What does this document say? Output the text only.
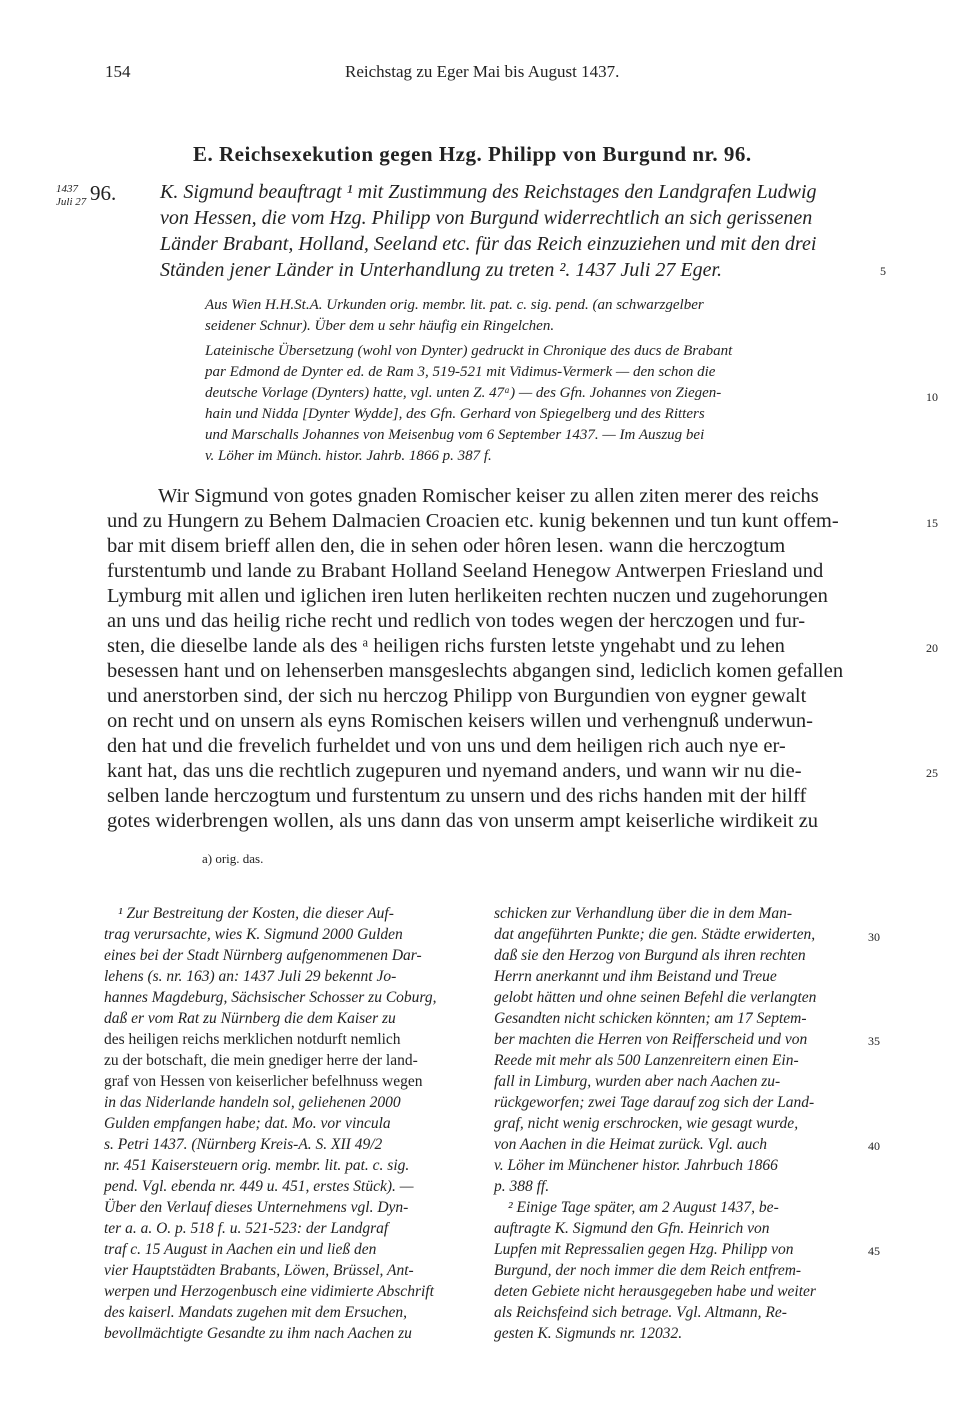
154	Reichstag zu Eger Mai bis August 1437.
E. Reichsexekution gegen Hzg. Philipp von Burgund nr. 96.
1437
Juli 27 96. K. Sigmund beauftragt ¹ mit Zustimmung des Reichstages den Landgrafen Ludwig
von Hessen, die vom Hzg. Philipp von Burgund widerrechtlich an sich gerissenen
Länder Brabant, Holland, Seeland etc. für das Reich einzuziehen und mit den drei
Ständen jener Länder in Unterhandlung zu treten ². 1437 Juli 27 Eger.
Aus Wien H.H.St.A. Urkunden orig. membr. lit. pat. c. sig. pend. (an schwarzgelber
seidener Schnur). Über dem u sehr häufig ein Ringelchen.
Lateinische Übersetzung (wohl von Dynter) gedruckt in Chronique des ducs de Brabant
par Edmond de Dynter ed. de Ram 3, 519-521 mit Vidimus-Vermerk — den schon die
deutsche Vorlage (Dynters) hatte, vgl. unten Z. 47ᵃ) — des Gfn. Johannes von Ziegen-
hain und Nidda [Dynter Wydde], des Gfn. Gerhard von Spiegelberg und des Ritters
und Marschalls Johannes von Meisenbug vom 6 September 1437. — Im Auszug bei
v. Löher im Münch. histor. Jahrb. 1866 p. 387 f.
Wir Sigmund von gotes gnaden Romischer keiser zu allen ziten merer des reichs
und zu Hungern zu Behem Dalmacien Croacien etc. kunig bekennen und tun kunt offem-
bar mit disem brieff allen den, die in sehen oder hôren lesen. wann die herczogtum
furstentumb und lande zu Brabant Holland Seeland Henegow Antwerpen Friesland und
Lymburg mit allen und iglichen iren luten herlikeiten rechten nuczen und zugehorungen
an uns und das heilig riche recht und redlich von todes wegen der herczogen und fur-
sten, die dieselbe lande als des ᵃ heiligen richs fursten letste yngehabt und zu lehen
besessen hant und on lehenserben mansgeslechts abgangen sind, lediclich komen gefallen
und anerstorben sind, der sich nu herczog Philipp von Burgundien von eygner gewalt
on recht und on unsern als eyns Romischen keisers willen und verhengnuß underwun-
den hat und die frevelich furheldet und von uns und dem heiligen rich auch nye er-
kant hat, das uns die rechtlich zugepuren und nyemand anders, und wann wir nu die-
selben lande herczogtum und furstentum zu unsern und des richs handen mit der hilff
gotes widerbrengen wollen, als uns dann das von unserm ampt keiserliche wirdikeit zu
a) orig. das.
¹ Zur Bestreitung der Kosten, die dieser Auf-
trag verursachte, wies K. Sigmund 2000 Gulden
eines bei der Stadt Nürnberg aufgenommenen Dar-
lehens (s. nr. 163) an: 1437 Juli 29 bekennt Jo-
hannes Magdeburg, Sächsischer Schosser zu Coburg,
daß er vom Rat zu Nürnberg die dem Kaiser zu
des heiligen reichs merklichen notdurft nemlich
zu der botschaft, die mein gnediger herre der land-
graf von Hessen von keiserlicher befelhnuss wegen
in das Niderlande handeln sol, geliehenen 2000
Gulden empfangen habe; dat. Mo. vor vincula
s. Petri 1437. (Nürnberg Kreis-A. S. XII 49/2
nr. 451 Kaisersteuern orig. membr. lit. pat. c. sig.
pend. Vgl. ebenda nr. 449 u. 451, erstes Stück). —
Über den Verlauf dieses Unternehmens vgl. Dyn-
ter a. a. O. p. 518 f. u. 521-523: der Landgraf
traf c. 15 August in Aachen ein und ließ den
vier Hauptstädten Brabants, Löwen, Brüssel, Ant-
werpen und Herzogenbusch eine vidimierte Abschrift
des kaiserl. Mandats zugehen mit dem Ersuchen,
bevollmächtigte Gesandte zu ihm nach Aachen zu
schicken zur Verhandlung über die in dem Man-
dat angeführten Punkte; die gen. Städte erwiderten,
daß sie den Herzog von Burgund als ihren rechten
Herrn anerkannt und ihm Beistand und Treue
gelobt hätten und ohne seinen Befehl die verlangten
Gesandten nicht schicken könnten; am 17 Septem-
ber machten die Herren von Reifferscheid und von
Reede mit mehr als 500 Lanzenreitern einen Ein-
fall in Limburg, wurden aber nach Aachen zu-
rückgeworfen; zwei Tage darauf zog sich der Land-
graf, nicht wenig erschrocken, wie gesagt wurde,
von Aachen in die Heimat zurück. Vgl. auch
v. Löher im Münchener histor. Jahrbuch 1866
p. 388 ff.
² Einige Tage später, am 2 August 1437, be-
auftragte K. Sigmund den Gfn. Heinrich von
Lupfen mit Repressalien gegen Hzg. Philipp von
Burgund, der noch immer die dem Reich entfrem-
deten Gebiete nicht herausgegeben habe und weiter
als Reichsfeind sich betrage. Vgl. Altmann, Re-
gesten K. Sigmunds nr. 12032.
5
10
15
20
25
30
35
40
45
